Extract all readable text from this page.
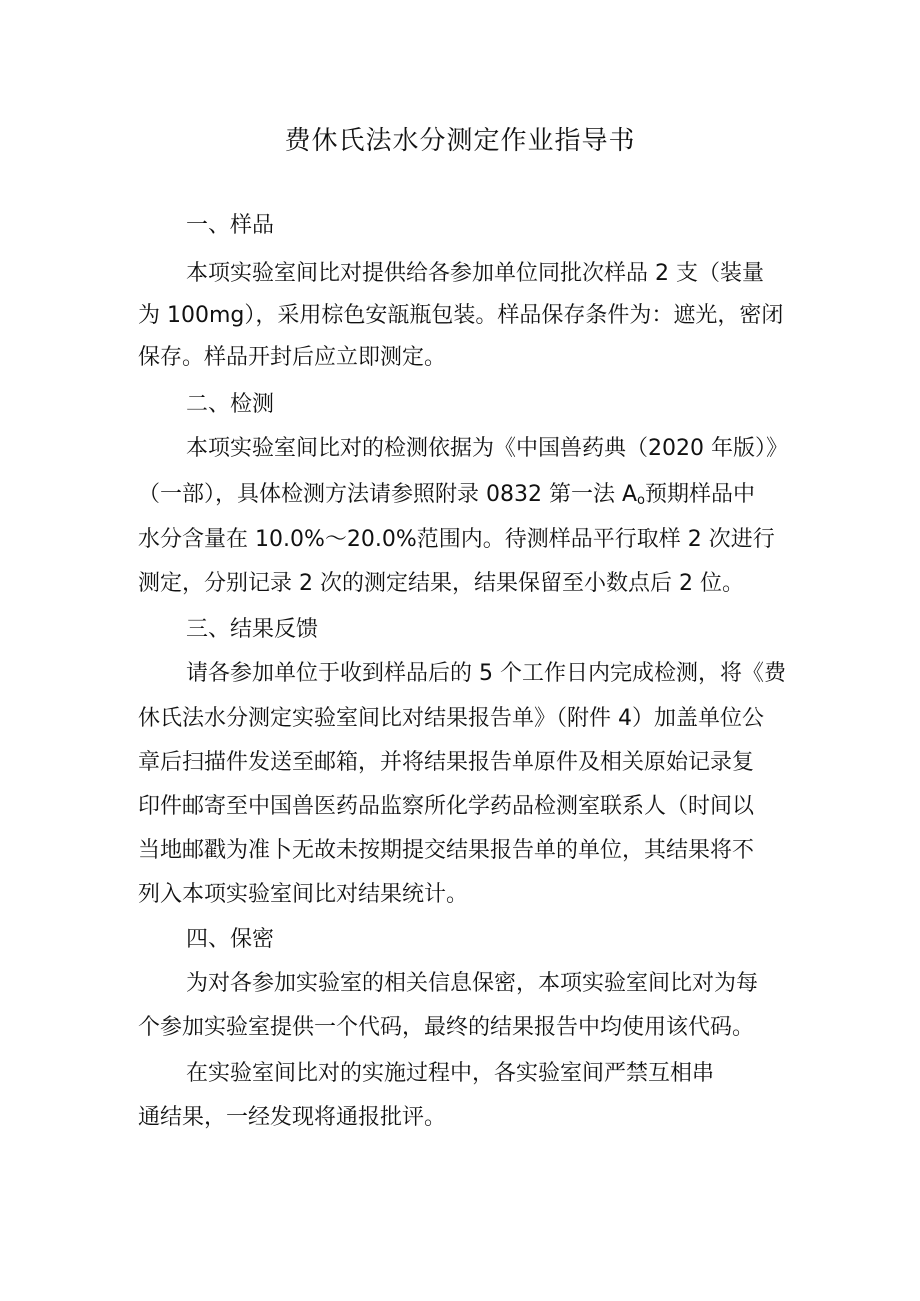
费休氏法水分测定作业指导书
一、样品
本项实验室间比对提供给各参加单位同批次样品 2 支（装量
为 100mg），采用棕色安瓿瓶包装。样品保存条件为：遮光，密闭
保存。样品开封后应立即测定。
二、检测
本项实验室间比对的检测依据为《中国兽药典（2020 年版）》
（一部），具体检测方法请参照附录 0832 第一法 $A_o$预期样品中
水分含量在 10.0%～20.0%范围内。待测样品平行取样 2 次进行
测定，分别记录 2 次的测定结果，结果保留至小数点后 2 位。
三、结果反馈
请各参加单位于收到样品后的 5 个工作日内完成检测，将《费
休氏法水分测定实验室间比对结果报告单》（附件 4）加盖单位公
章后扫描件发送至邮箱，并将结果报告单原件及相关原始记录复
印件邮寄至中国兽医药品监察所化学药品检测室联系人（时间以
当地邮戳为准卜无故未按期提交结果报告单的单位，其结果将不
列入本项实验室间比对结果统计。
四、保密
为对各参加实验室的相关信息保密，本项实验室间比对为每
个参加实验室提供一个代码，最终的结果报告中均使用该代码。
在实验室间比对的实施过程中，各实验室间严禁互相串
通结果，一经发现将通报批评。
